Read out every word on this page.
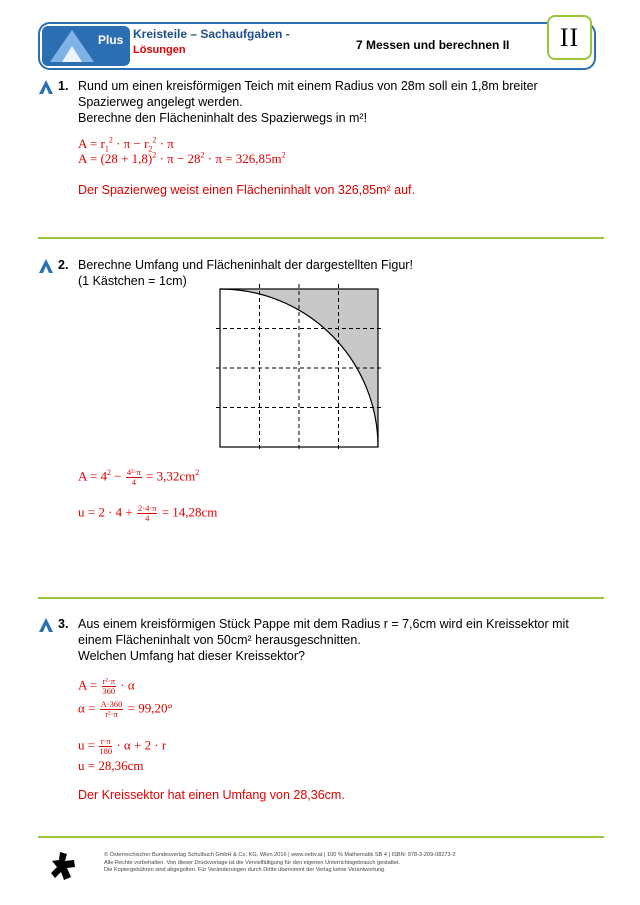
Plus Kreisteile – Sachaufgaben -
Lösungen	7 Messen und berechnen II	II
1. Rund um einen kreisförmigen Teich mit einem Radius von 28m soll ein 1,8m breiter
Spazierweg angelegt werden.
Berechne den Flächeninhalt des Spazierwegs in m²!
$A = r_1^2 \cdot \pi - r_2^2 \cdot \pi$
$A = (28 + 1,8)^2 \cdot \pi - 28^2 \cdot \pi = 326,85m^2$
Der Spazierweg weist einen Flächeninhalt von 326,85m² auf.
2. Berechne Umfang und Flächeninhalt der dargestellten Figur!
(1 Kästchen = 1cm)
$A = 4^2 - \frac{\text{4²·π}}{4} = 3,32cm^2$
$u = 2 \cdot 4 + \frac{2\cdot 4\cdot\pi}{4} = 14,28cm$
3. Aus einem kreisförmigen Stück Pappe mit dem Radius r = 7,6cm wird ein Kreissektor mit
einem Flächeninhalt von 50cm² herausgeschnitten.
Welchen Umfang hat dieser Kreissektor?
$A = \frac{\text{r²·π}}{360} \cdot \alpha$
$\alpha = \frac{A\cdot 360}{\text{r²·π}} = 99,20^\circ$
$u = \frac{r\cdot\pi}{180} \cdot \alpha + 2 \cdot r$
u = 28,36cm
Der Kreissektor hat einen Umfang von 28,36cm.
© Österreichischer Bundesverlag Schulbuch GmbH & Co. KG, Wien 2016 | www.oebv.at | 100 % Mathematik SB 4 | ISBN: 978-3-209-08273-2
Alle Rechte vorbehalten. Von dieser Druckvorlage ist die Vervielfältigung für den eigenen Unterrichtsgebrauch gestattet.
Die Kopiergebühren sind abgegolten. Für Veränderungen durch Dritte übernimmt der Verlag keine Verantwortung.
